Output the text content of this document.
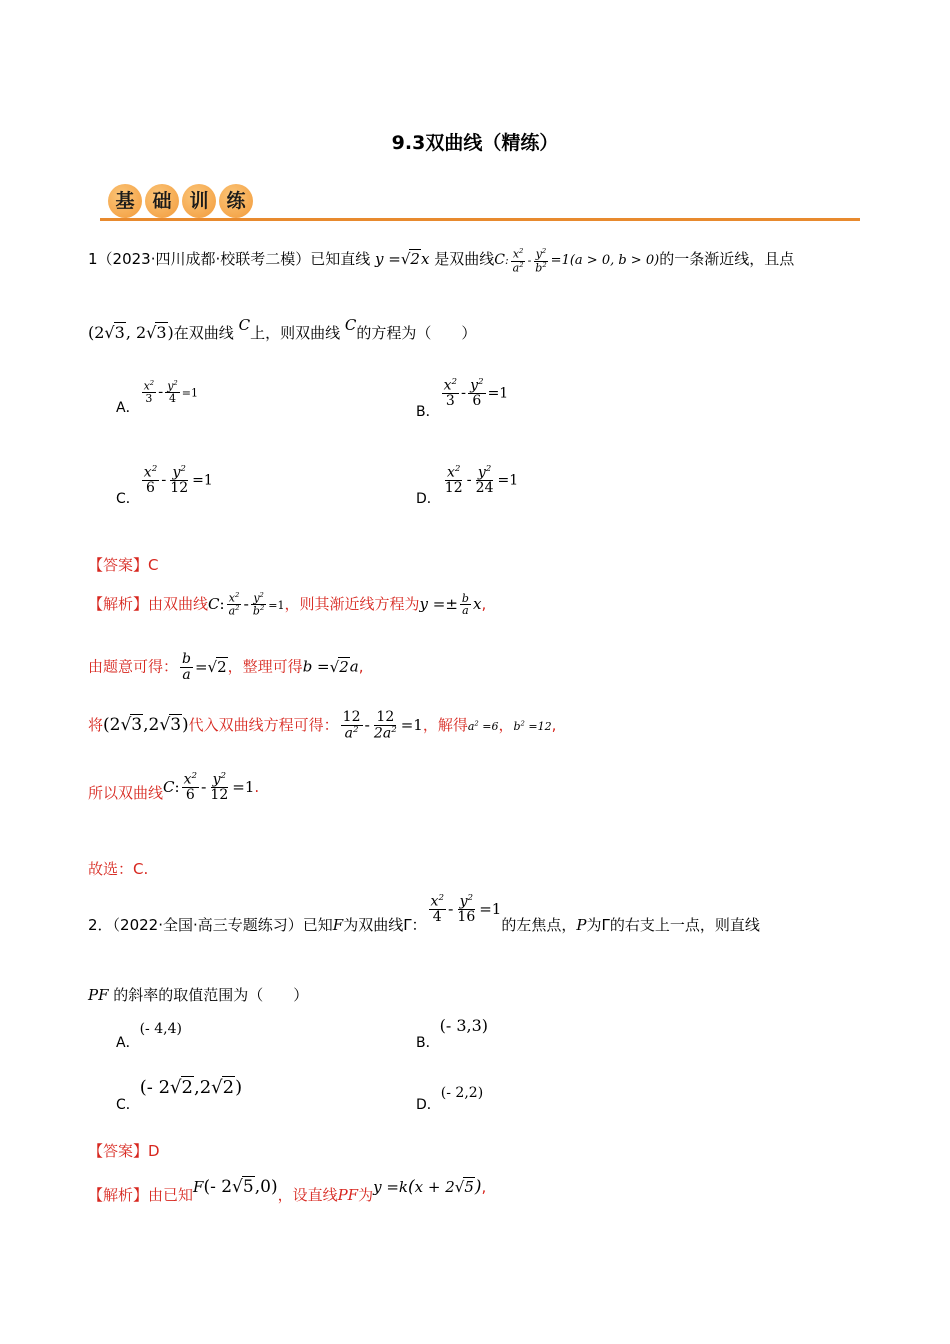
9.3双曲线（精练）
基 础 训 练
1（2023·四川成都·校联考二模）已知直线 y =√2x 是双曲线C: $\frac{x^2}{a^2} - \frac{y^2}{b^2} =1(a > 0$, b > 0)的一条渐近线，且点
(2√3, 2√3)在双曲线 C上，则双曲线 C的方程为（　　）
A．
$\frac{x^2}{3} - \frac{y^2}{4} =1$
B．
$\frac{x^2}{3} - \frac{y^2}{6} =1$
C．
$\frac{x^2}{6} - \frac{y^2}{12} =1$
D．
$\frac{x^2}{12} - \frac{y^2}{24} =1$
【答案】C
【解析】由双曲线C: $\frac{x^2}{a^2} - \frac{y^2}{b^2} =1$，则其渐近线方程为$y =\pm \frac{b}{a} x$,
由题意可得： $\frac{b}{a} =√2$，整理可得b =√2a,
将(2√3,2√3)代入双曲线方程可得： $\frac{12}{a^2} - \frac{12}{2a^2} =1$，解得$a^2 =6$，$b^2 =12$,
所以双曲线C: $\frac{x^2}{6} - \frac{y^2}{12} =1$.
故选：C.
2．（2022·全国·高三专题练习）已知F为双曲线Γ： $\frac{x^2}{4} - \frac{y^2}{16} =1$的左焦点，P为Γ的右支上一点，则直线
PF 的斜率的取值范围为（　　）
A．(- 4,4)
B．(- 3,3)
C．(- 2√2,2√2)
D．(- 2,2)
【答案】D
【解析】由已知F(- 2√5,0)，设直线PF为y =k(x + 2√5),
